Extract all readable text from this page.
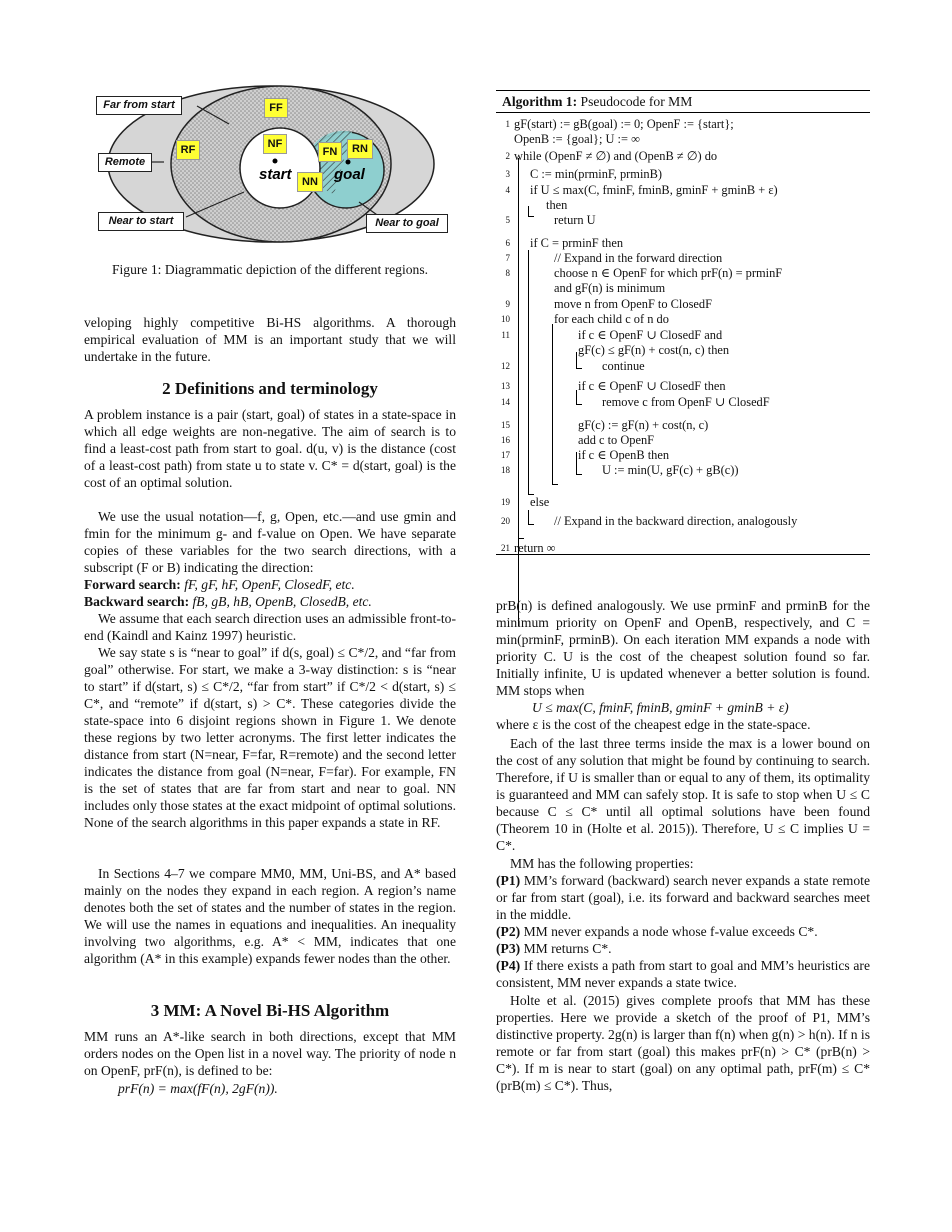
start	goal
Far from start
Remote
Near to start	Near to goal
FF
RF	NF
FN	RN
NN
Figure 1: Diagrammatic depiction of the different regions.
veloping highly competitive Bi-HS algorithms. A thorough empirical evaluation of MM is an important study that we will undertake in the future.
2 Definitions and terminology
A problem instance is a pair (start, goal) of states in a state-space in which all edge weights are non-negative. The aim of search is to find a least-cost path from start to goal. d(u, v) is the distance (cost of a least-cost path) from state u to state v. C* = d(start, goal) is the cost of an optimal solution.
We use the usual notation—f, g, Open, etc.—and use gmin and fmin for the minimum g- and f-value on Open. We have separate copies of these variables for the two search directions, with a subscript (F or B) indicating the direction:
Forward search: fF, gF, hF, OpenF, ClosedF, etc.
Backward search: fB, gB, hB, OpenB, ClosedB, etc.
We assume that each search direction uses an admissible front-to-end (Kaindl and Kainz 1997) heuristic.
We say state s is “near to goal” if d(s, goal) ≤ C*/2, and “far from goal” otherwise. For start, we make a 3-way distinction: s is “near to start” if d(start, s) ≤ C*/2, “far from start” if C*/2 < d(start, s) ≤ C*, and “remote” if d(start, s) > C*. These categories divide the state-space into 6 disjoint regions shown in Figure 1. We denote these regions by two letter acronyms. The first letter indicates the distance from start (N=near, F=far, R=remote) and the second letter indicates the distance from goal (N=near, F=far). For example, FN is the set of states that are far from start and near to goal. NN includes only those states at the exact midpoint of optimal solutions. None of the search algorithms in this paper expands a state in RF.
In Sections 4–7 we compare MM0, MM, Uni-BS, and A* based mainly on the nodes they expand in each region. A region’s name denotes both the set of states and the number of states in the region. We will use the names in equations and inequalities. An inequality involving two algorithms, e.g. A* < MM, indicates that one algorithm (A* in this example) expands fewer nodes than the other.
3 MM: A Novel Bi-HS Algorithm
MM runs an A*-like search in both directions, except that MM orders nodes on the Open list in a novel way. The priority of node n on OpenF, prF(n), is defined to be:
prF(n) = max(fF(n), 2gF(n)).
Algorithm 1: Pseudocode for MM
1 gF(start) := gB(goal) := 0; OpenF := {start};
OpenB := {goal}; U := ∞
2 while (OpenF ≠ ∅) and (OpenB ≠ ∅) do
3 C := min(prminF, prminB)
4 if U ≤ max(C, fminF, fminB, gminF + gminB + ε)
then
5	return U
6 if C = prminF then
7	// Expand in the forward direction
8	choose n ∈ OpenF for which prF(n) = prminF
and gF(n) is minimum
9	move n from OpenF to ClosedF
10	for each child c of n do
11	if c ∈ OpenF ∪ ClosedF and
gF(c) ≤ gF(n) + cost(n, c) then
12	continue
13	if c ∈ OpenF ∪ ClosedF then
14	remove c from OpenF ∪ ClosedF
15	gF(c) := gF(n) + cost(n, c)
16	add c to OpenF
17	if c ∈ OpenB then
18	U := min(U, gF(c) + gB(c))
19 else
20	// Expand in the backward direction, analogously
21 return ∞
prB(n) is defined analogously. We use prminF and prminB for the minimum priority on OpenF and OpenB, respectively, and C = min(prminF, prminB). On each iteration MM expands a node with priority C. U is the cost of the cheapest solution found so far. Initially infinite, U is updated whenever a better solution is found. MM stops when
U ≤ max(C, fminF, fminB, gminF + gminB + ε)
where ε is the cost of the cheapest edge in the state-space.
Each of the last three terms inside the max is a lower bound on the cost of any solution that might be found by continuing to search. Therefore, if U is smaller than or equal to any of them, its optimality is guaranteed and MM can safely stop. It is safe to stop when U ≤ C because C ≤ C* until all optimal solutions have been found (Theorem 10 in (Holte et al. 2015)). Therefore, U ≤ C implies U = C*.
MM has the following properties:
(P1) MM’s forward (backward) search never expands a state remote or far from start (goal), i.e. its forward and backward searches meet in the middle.
(P2) MM never expands a node whose f-value exceeds C*.
(P3) MM returns C*.
(P4) If there exists a path from start to goal and MM’s heuristics are consistent, MM never expands a state twice.
Holte et al. (2015) gives complete proofs that MM has these properties. Here we provide a sketch of the proof of P1, MM’s distinctive property. 2g(n) is larger than f(n) when g(n) > h(n). If n is remote or far from start (goal) this makes prF(n) > C* (prB(n) > C*). If m is near to start (goal) on any optimal path, prF(m) ≤ C* (prB(m) ≤ C*). Thus,
